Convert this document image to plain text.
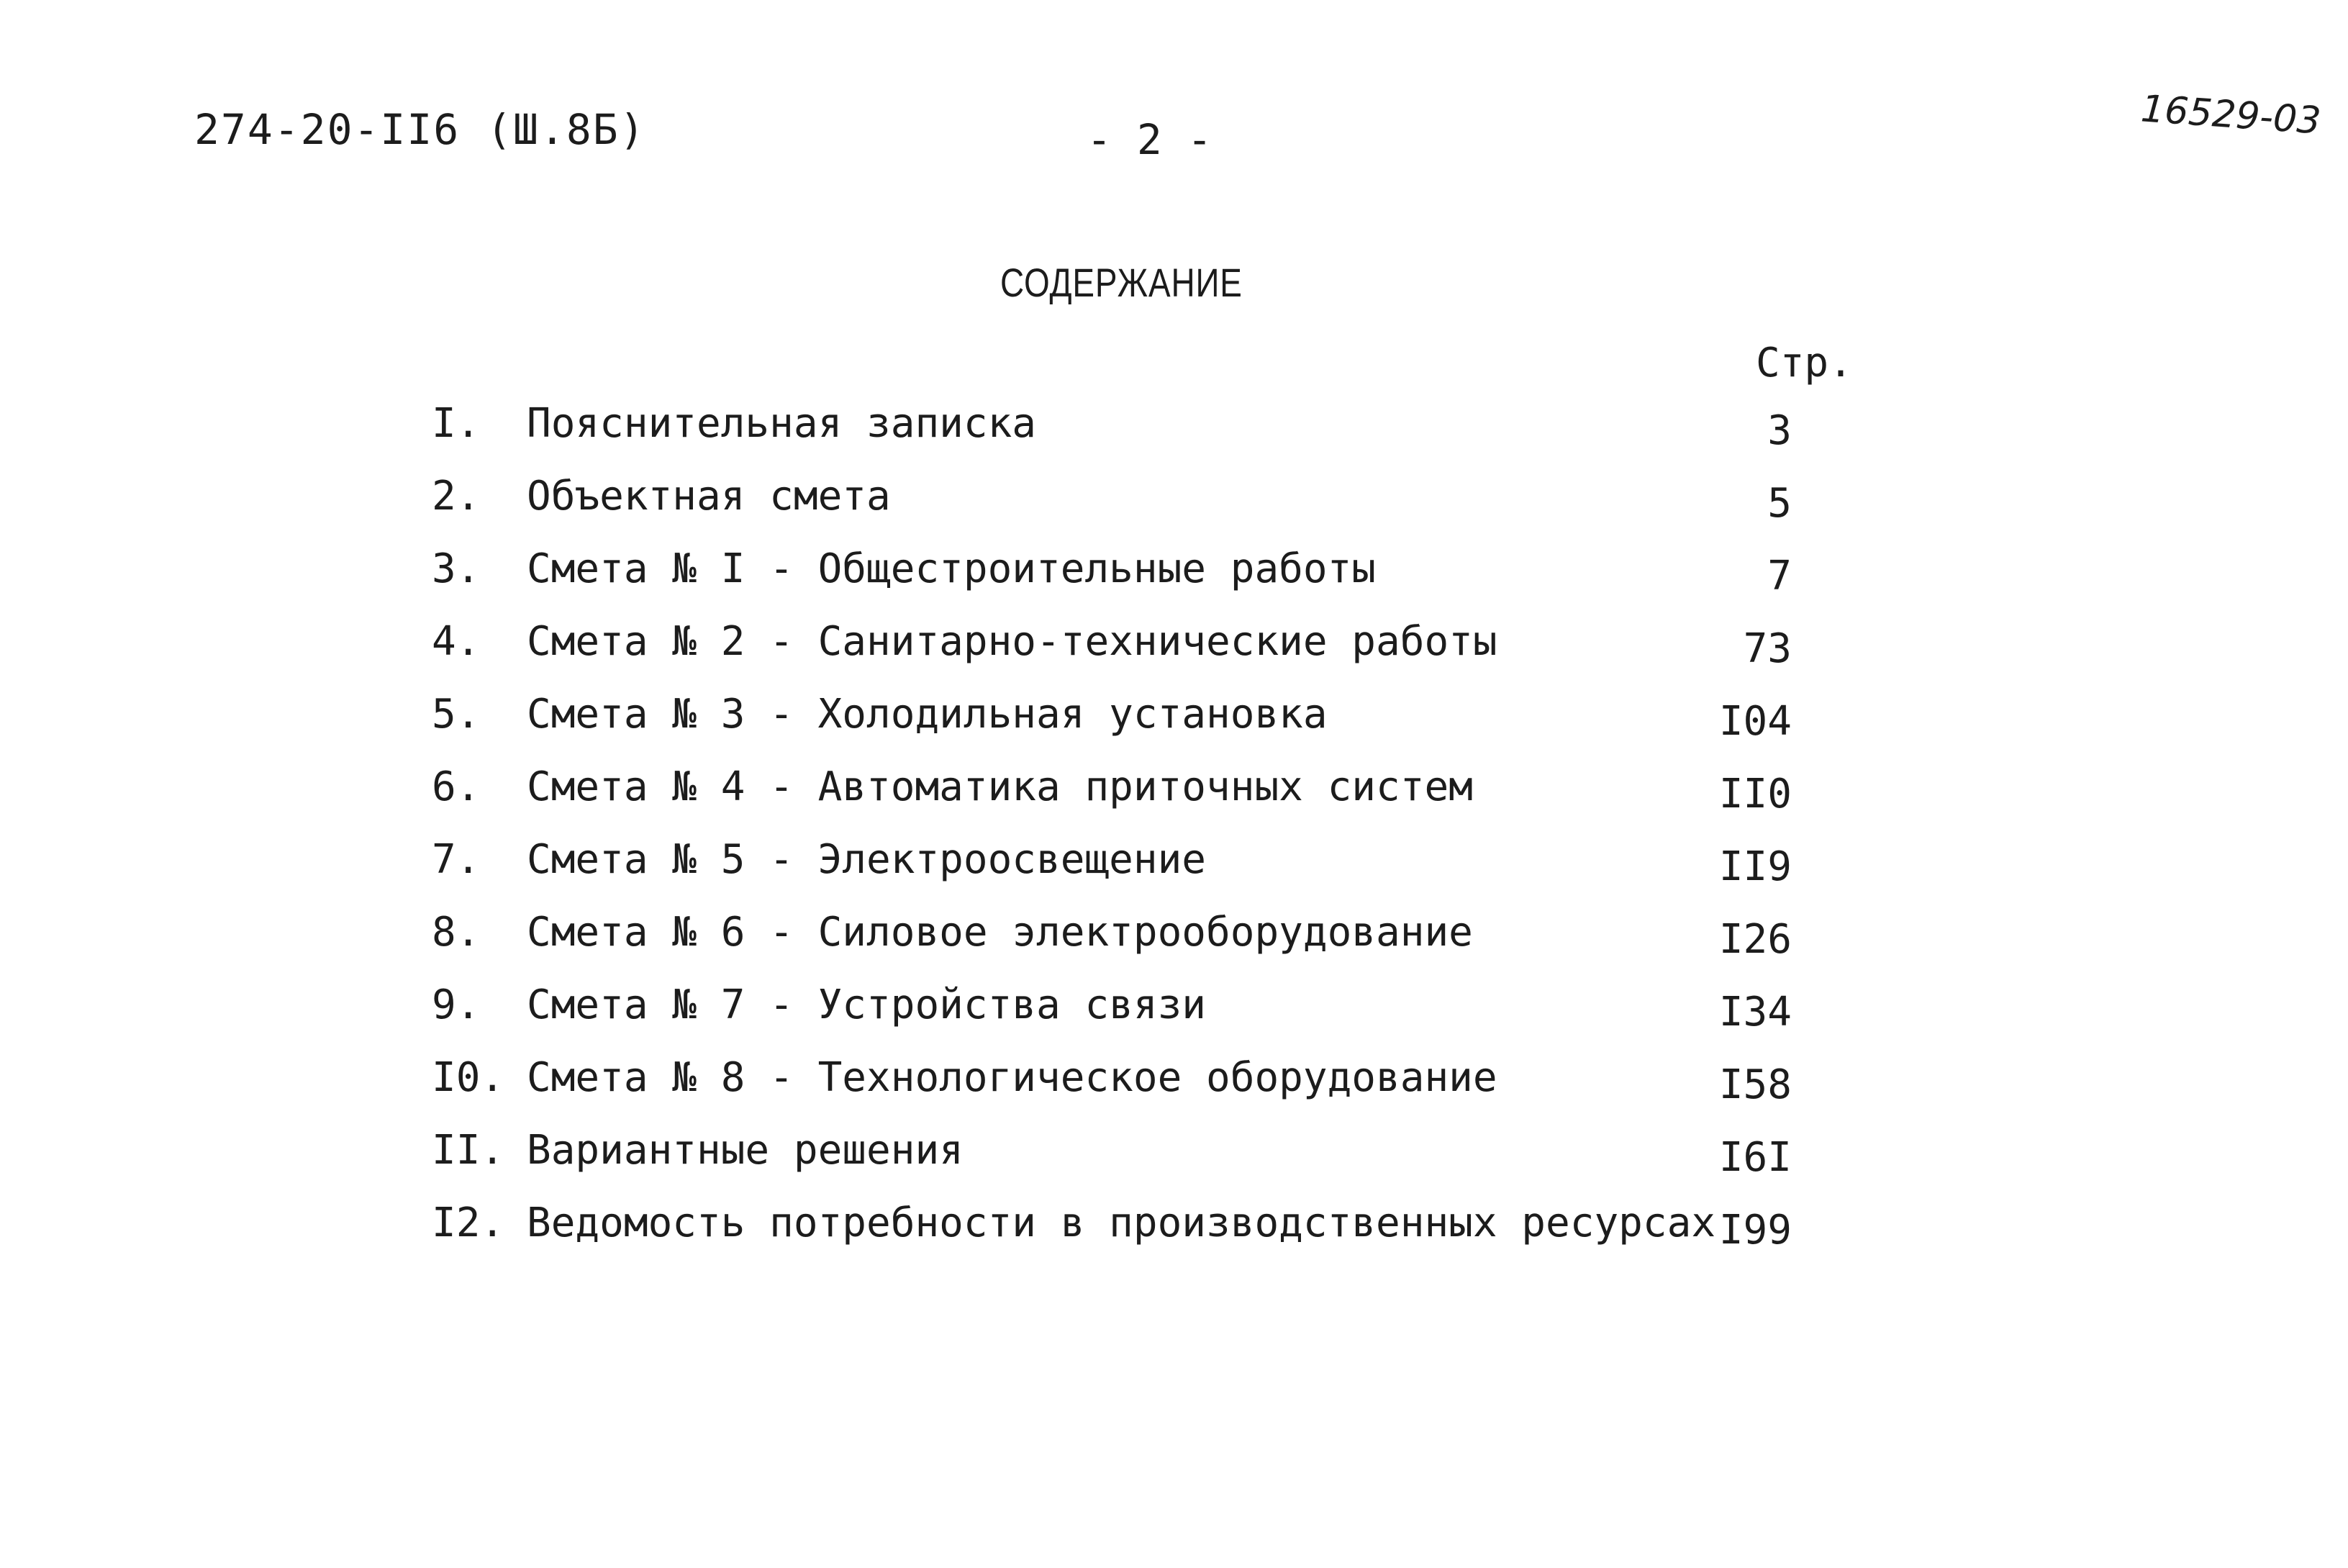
274-20-II6 (Ш.8Б)	- 2 -	16529-03
СОДЕРЖАНИЕ
Стр.
I. Пояснительная записка	3
2. Объектная смета	5
3. Смета № I - Общестроительные работы	7
4. Смета № 2 - Санитарно-технические работы	73
5. Смета № 3 - Холодильная установка	I04
6. Смета № 4 - Автоматика приточных систем	II0
7. Смета № 5 - Электроосвещение	II9
8. Смета № 6 - Силовое электрооборудование	I26
9. Смета № 7 - Устройства связи	I34
I0. Смета № 8 - Технологическое оборудование	I58
II. Вариантные решения	I6I
I2. Ведомость потребности в производственных ресурсах I99
